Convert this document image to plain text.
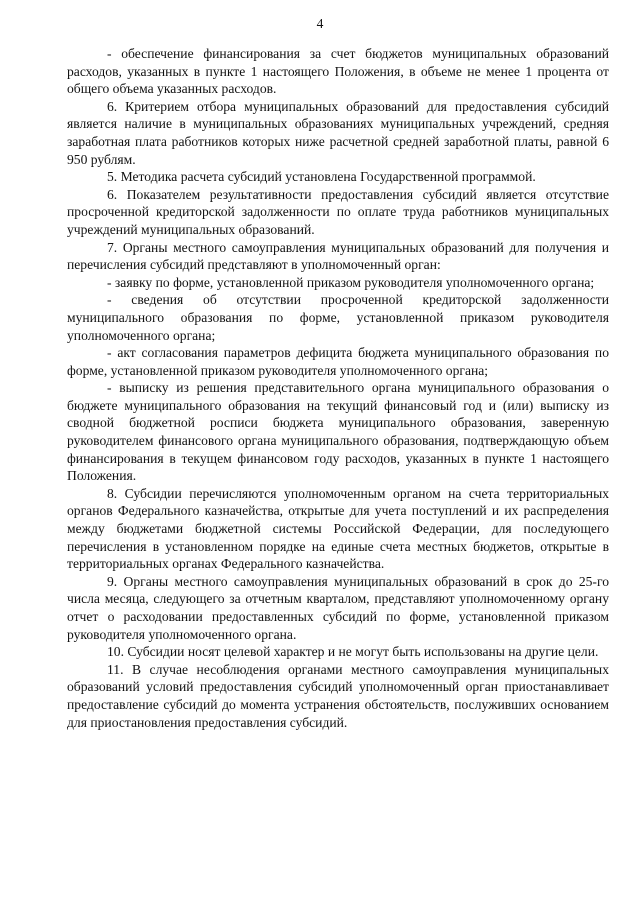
4

- обеспечение финансирования за счет бюджетов муниципальных образований расходов, указанных в пункте 1 настоящего Положения, в объеме не менее 1 процента от общего объема указанных расходов.

6. Критерием отбора муниципальных образований для предоставления субсидий является наличие в муниципальных образованиях муниципальных учреждений, средняя заработная плата работников которых ниже расчетной средней заработной платы, равной 6 950 рублям.

5. Методика расчета субсидий установлена Государственной программой.

6. Показателем результативности предоставления субсидий является отсутствие просроченной кредиторской задолженности по оплате труда работников муниципальных учреждений муниципальных образований.

7. Органы местного самоуправления муниципальных образований для получения и перечисления субсидий представляют в уполномоченный орган:

- заявку по форме, установленной приказом руководителя уполномоченного органа;

- сведения об отсутствии просроченной кредиторской задолженности муниципального образования по форме, установленной приказом руководителя уполномоченного органа;

- акт согласования параметров дефицита бюджета муниципального образования по форме, установленной приказом руководителя уполномоченного органа;

- выписку из решения представительного органа муниципального образования о бюджете муниципального образования на текущий финансовый год и (или) выписку из сводной бюджетной росписи бюджета муниципального образования, заверенную руководителем финансового органа муниципального образования, подтверждающую объем финансирования в текущем финансовом году расходов, указанных в пункте 1 настоящего Положения.

8. Субсидии перечисляются уполномоченным органом на счета территориальных органов Федерального казначейства, открытые для учета поступлений и их распределения между бюджетами бюджетной системы Российской Федерации, для последующего перечисления в установленном порядке на единые счета местных бюджетов, открытые в территориальных органах Федерального казначейства.

9. Органы местного самоуправления муниципальных образований в срок до 25-го числа месяца, следующего за отчетным кварталом, представляют уполномоченному органу отчет о расходовании предоставленных субсидий по форме, установленной приказом руководителя уполномоченного органа.

10. Субсидии носят целевой характер и не могут быть использованы на другие цели.

11. В случае несоблюдения органами местного самоуправления муниципальных образований условий предоставления субсидий уполномоченный орган приостанавливает предоставление субсидий до момента устранения обстоятельств, послуживших основанием для приостановления предоставления субсидий.
